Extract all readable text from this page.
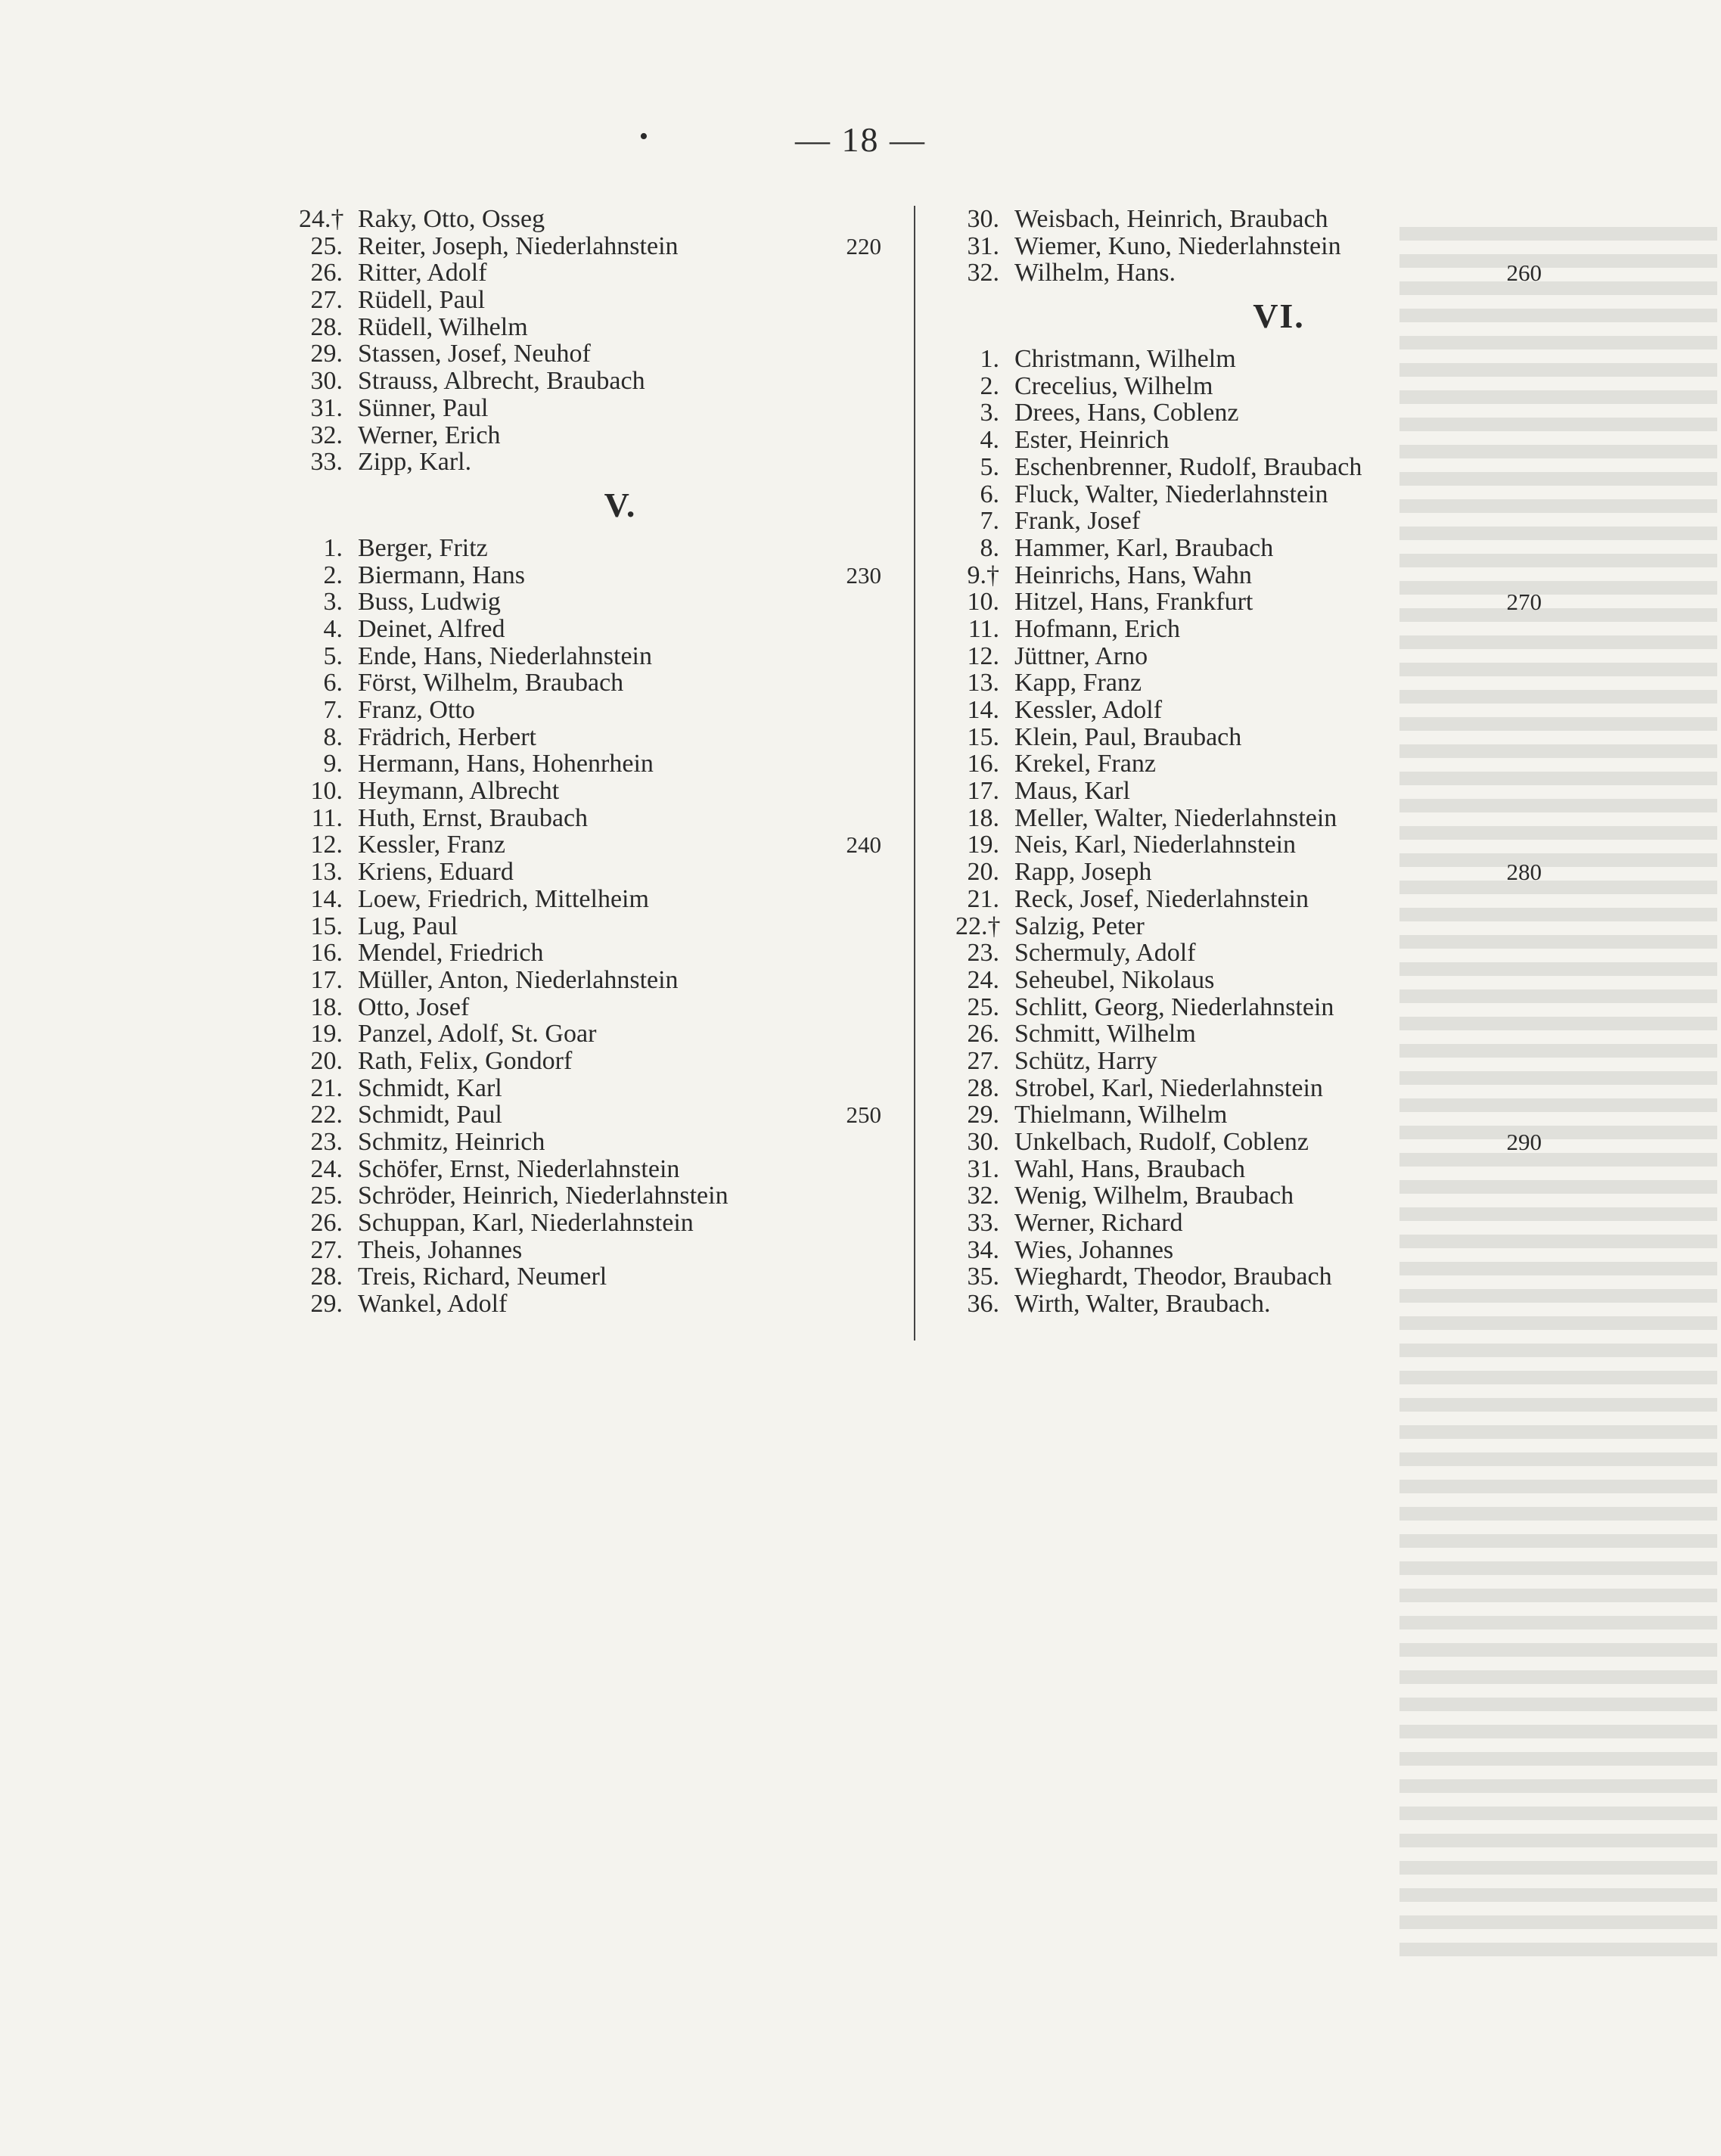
•	— 18 —
24.† Raky, Otto, Osseg
25. Reiter, Joseph, Niederlahnstein	220
26. Ritter, Adolf
27. Rüdell, Paul
28. Rüdell, Wilhelm
29. Stassen, Josef, Neuhof
30. Strauss, Albrecht, Braubach
31. Sünner, Paul
32. Werner, Erich
33. Zipp, Karl.
V.
1. Berger, Fritz
2. Biermann, Hans	230
3. Buss, Ludwig
4. Deinet, Alfred
5. Ende, Hans, Niederlahnstein
6. Först, Wilhelm, Braubach
7. Franz, Otto
8. Frädrich, Herbert
9. Hermann, Hans, Hohenrhein
10. Heymann, Albrecht
11. Huth, Ernst, Braubach
12. Kessler, Franz	240
13. Kriens, Eduard
14. Loew, Friedrich, Mittelheim
15. Lug, Paul
16. Mendel, Friedrich
17. Müller, Anton, Niederlahnstein
18. Otto, Josef
19. Panzel, Adolf, St. Goar
20. Rath, Felix, Gondorf
21. Schmidt, Karl
22. Schmidt, Paul	250
23. Schmitz, Heinrich
24. Schöfer, Ernst, Niederlahnstein
25. Schröder, Heinrich, Niederlahnstein
26. Schuppan, Karl, Niederlahnstein
27. Theis, Johannes
28. Treis, Richard, Neumerl
29. Wankel, Adolf
30. Weisbach, Heinrich, Braubach
31. Wiemer, Kuno, Niederlahnstein
32. Wilhelm, Hans.	260
VI.
1. Christmann, Wilhelm
2. Crecelius, Wilhelm
3. Drees, Hans, Coblenz
4. Ester, Heinrich
5. Eschenbrenner, Rudolf, Braubach
6. Fluck, Walter, Niederlahnstein
7. Frank, Josef
8. Hammer, Karl, Braubach
9.† Heinrichs, Hans, Wahn
10. Hitzel, Hans, Frankfurt	270
11. Hofmann, Erich
12. Jüttner, Arno
13. Kapp, Franz
14. Kessler, Adolf
15. Klein, Paul, Braubach
16. Krekel, Franz
17. Maus, Karl
18. Meller, Walter, Niederlahnstein
19. Neis, Karl, Niederlahnstein
20. Rapp, Joseph	280
21. Reck, Josef, Niederlahnstein
22.† Salzig, Peter
23. Schermuly, Adolf
24. Seheubel, Nikolaus
25. Schlitt, Georg, Niederlahnstein
26. Schmitt, Wilhelm
27. Schütz, Harry
28. Strobel, Karl, Niederlahnstein
29. Thielmann, Wilhelm
30. Unkelbach, Rudolf, Coblenz	290
31. Wahl, Hans, Braubach
32. Wenig, Wilhelm, Braubach
33. Werner, Richard
34. Wies, Johannes
35. Wieghardt, Theodor, Braubach
36. Wirth, Walter, Braubach.
